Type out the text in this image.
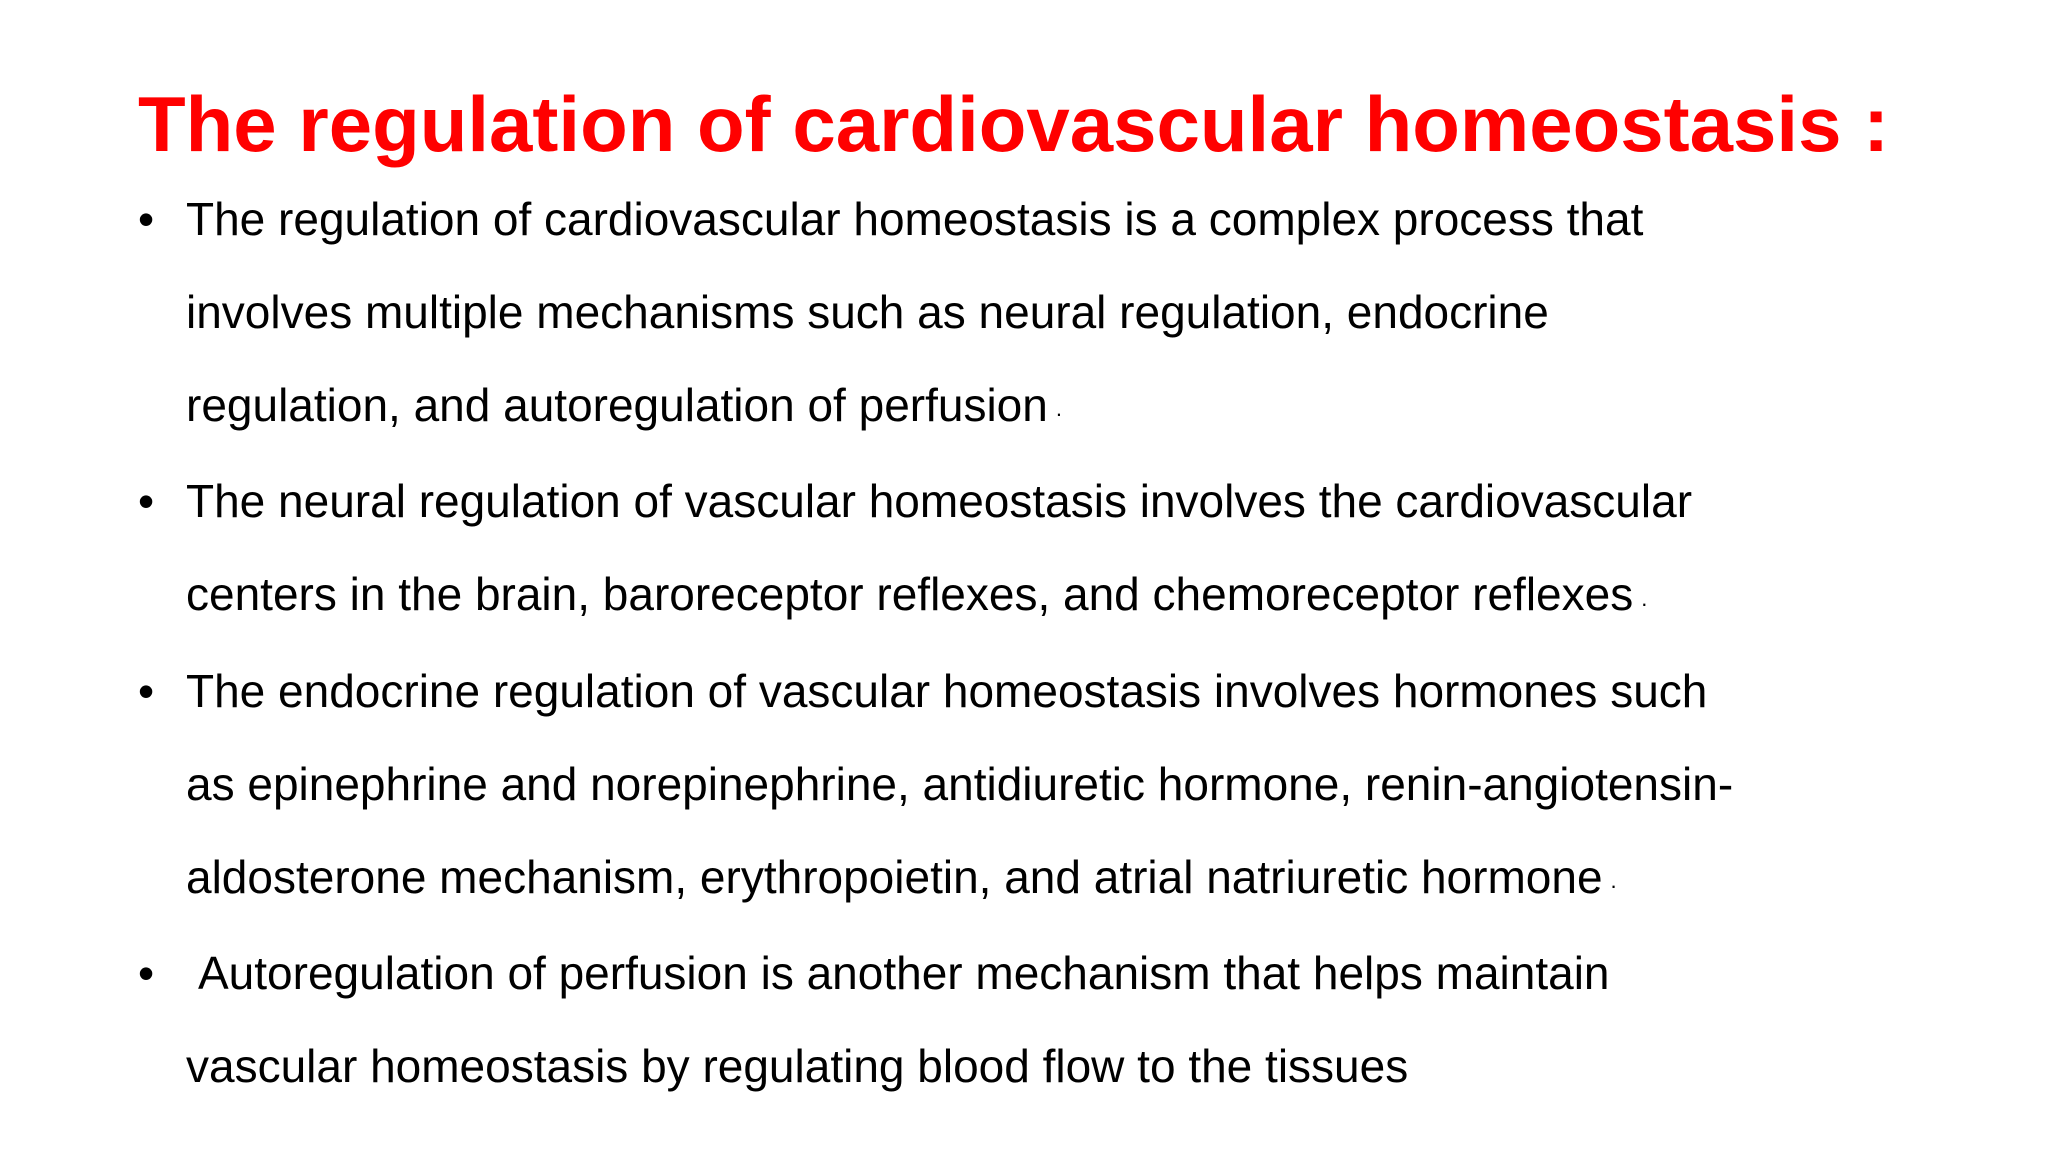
The regulation of cardiovascular homeostasis :
• The regulation of cardiovascular homeostasis is a complex process that
involves multiple mechanisms such as neural regulation, endocrine
regulation, and autoregulation of perfusion .
• The neural regulation of vascular homeostasis involves the cardiovascular
centers in the brain, baroreceptor reflexes, and chemoreceptor reflexes .
• The endocrine regulation of vascular homeostasis involves hormones such
as epinephrine and norepinephrine, antidiuretic hormone, renin-angiotensin-
aldosterone mechanism, erythropoietin, and atrial natriuretic hormone .
• Autoregulation of perfusion is another mechanism that helps maintain
vascular homeostasis by regulating blood flow to the tissues
